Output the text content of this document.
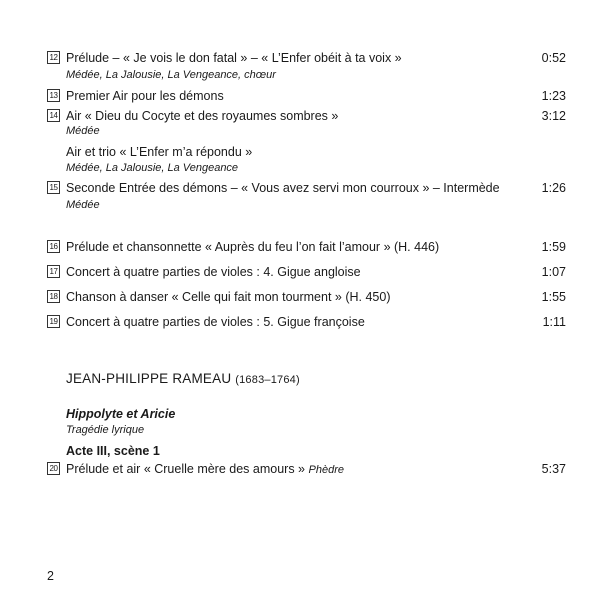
12 Prélude – « Je vois le don fatal » – « L’Enfer obéit à ta voix »	0:52
Médée, La Jalousie, La Vengeance, chœur
13 Premier Air pour les démons	1:23
14 Air « Dieu du Cocyte et des royaumes sombres »	3:12
Médée
Air et trio « L’Enfer m’a répondu »
Médée, La Jalousie, La Vengeance
15 Seconde Entrée des démons – « Vous avez servi mon courroux » – Intermède	1:26
Médée
16 Prélude et chansonnette « Auprès du feu l’on fait l’amour » (H. 446)	1:59
17 Concert à quatre parties de violes : 4. Gigue angloise	1:07
18 Chanson à danser « Celle qui fait mon tourment » (H. 450)	1:55
19 Concert à quatre parties de violes : 5. Gigue françoise	1:11
JEAN-PHILIPPE RAMEAU (1683–1764)
Hippolyte et Aricie
Tragédie lyrique
Acte III, scène 1
20 Prélude et air « Cruelle mère des amours » Phèdre	5:37
2
